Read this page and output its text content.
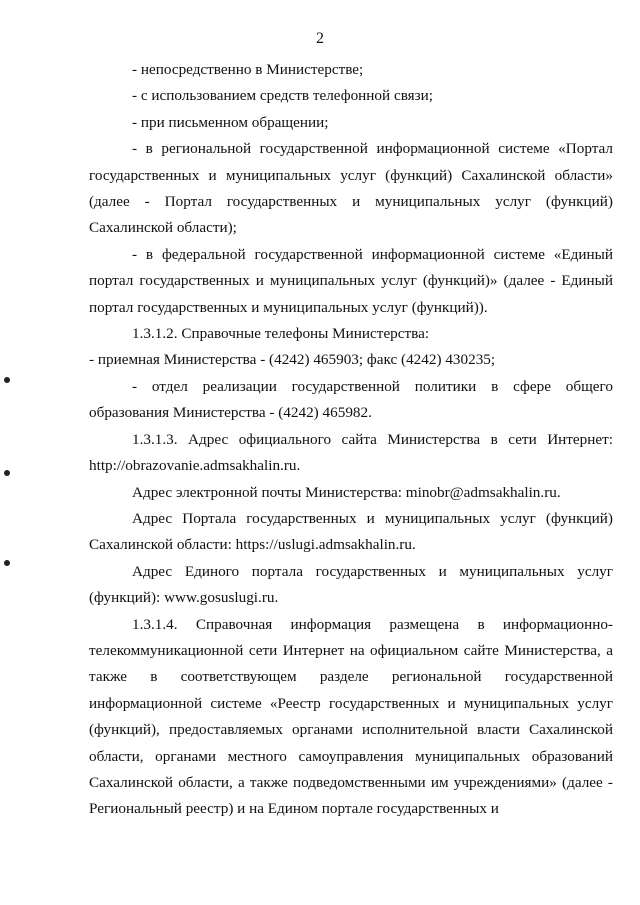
2

- непосредственно в Министерстве;

- с использованием средств телефонной связи;

- при письменном обращении;

- в региональной государственной информационной системе «Портал государственных и муниципальных услуг (функций) Сахалинской области» (далее - Портал государственных и муниципальных услуг (функций) Сахалинской области);

- в федеральной государственной информационной системе «Единый портал государственных и муниципальных услуг (функций)» (далее - Единый портал государственных и муниципальных услуг (функций)).

1.3.1.2. Справочные телефоны Министерства:

- приемная Министерства - (4242) 465903; факс (4242) 430235;

- отдел реализации государственной политики в сфере общего образования Министерства - (4242) 465982.

1.3.1.3. Адрес официального сайта Министерства в сети Интернет: http://obrazovanie.admsakhalin.ru.

Адрес электронной почты Министерства: minobr@admsakhalin.ru.

Адрес Портала государственных и муниципальных услуг (функций) Сахалинской области: https://uslugi.admsakhalin.ru.

Адрес Единого портала государственных и муниципальных услуг (функций): www.gosuslugi.ru.

1.3.1.4. Справочная информация размещена в информационно-телекоммуникационной сети Интернет на официальном сайте Министерства, а также в соответствующем разделе региональной государственной информационной системе «Реестр государственных и муниципальных услуг (функций), предоставляемых органами исполнительной власти Сахалинской области, органами местного самоуправления муниципальных образований Сахалинской области, а также подведомственными им учреждениями» (далее - Региональный реестр) и на Едином портале государственных и
